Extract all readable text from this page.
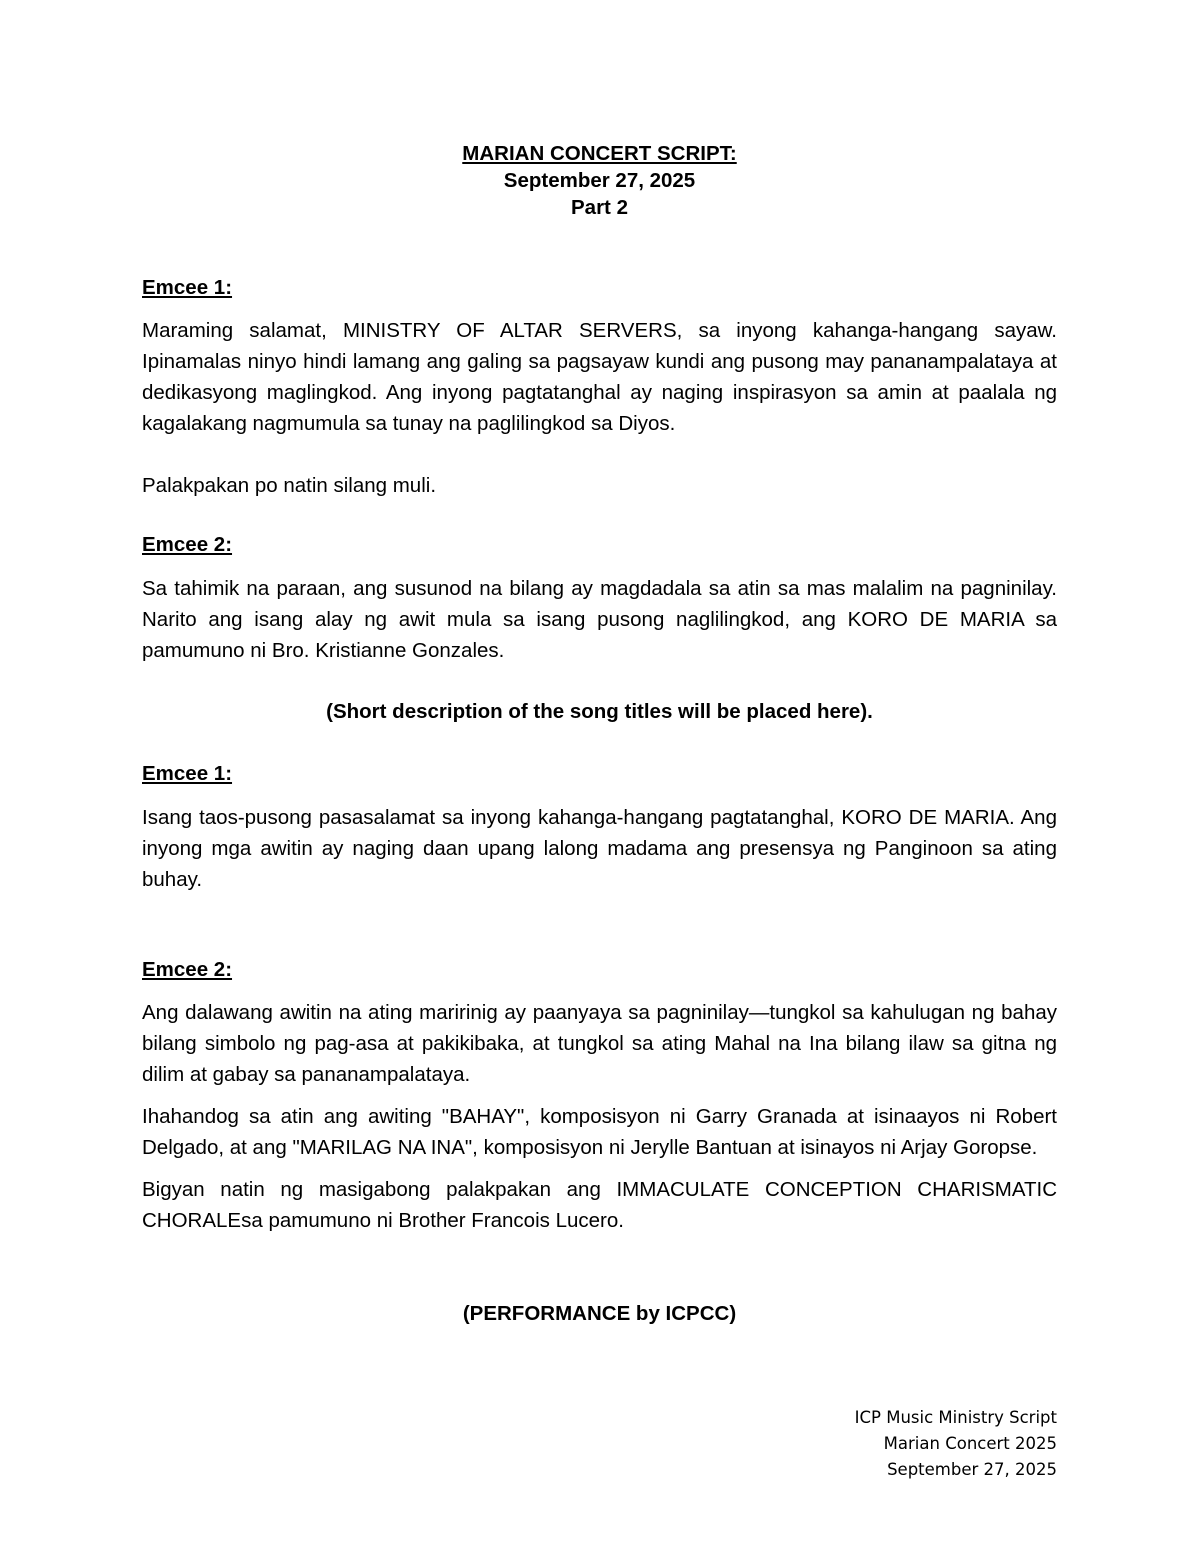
MARIAN CONCERT SCRIPT:
September 27, 2025
Part 2

Emcee 1:

Maraming salamat, MINISTRY OF ALTAR SERVERS, sa inyong kahanga-hangang sayaw. Ipinamalas ninyo hindi lamang ang galing sa pagsayaw kundi ang pusong may pananampalataya at dedikasyong maglingkod. Ang inyong pagtatanghal ay naging inspirasyon sa amin at paalala ng kagalakang nagmumula sa tunay na paglilingkod sa Diyos.

Palakpakan po natin silang muli.

Emcee 2:

Sa tahimik na paraan, ang susunod na bilang ay magdadala sa atin sa mas malalim na pagninilay. Narito ang isang alay ng awit mula sa isang pusong naglilingkod, ang KORO DE MARIA sa pamumuno ni Bro. Kristianne Gonzales.

(Short description of the song titles will be placed here).

Emcee 1:

Isang taos-pusong pasasalamat sa inyong kahanga-hangang pagtatanghal, KORO DE MARIA. Ang inyong mga awitin ay naging daan upang lalong madama ang presensya ng Panginoon sa ating buhay.

Emcee 2:

Ang dalawang awitin na ating maririnig ay paanyaya sa pagninilay—tungkol sa kahulugan ng bahay bilang simbolo ng pag-asa at pakikibaka, at tungkol sa ating Mahal na Ina bilang ilaw sa gitna ng dilim at gabay sa pananampalataya.

Ihahandog sa atin ang awiting "BAHAY", komposisyon ni Garry Granada at isinaayos ni Robert Delgado, at ang "MARILAG NA INA", komposisyon ni Jerylle Bantuan at isinayos ni Arjay Goropse.

Bigyan natin ng masigabong palakpakan ang IMMACULATE CONCEPTION CHARISMATIC CHORALEsa pamumuno ni Brother Francois Lucero.

(PERFORMANCE by ICPCC)

ICP Music Ministry Script
Marian Concert 2025
September 27, 2025
